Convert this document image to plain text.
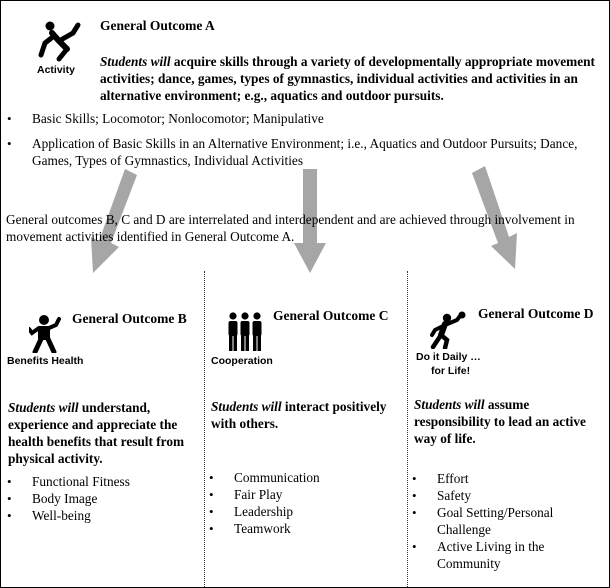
Activity
General Outcome A
Students will acquire skills through a variety of developmentally appropriate movement activities; dance, games, types of gymnastics, individual activities and activities in an alternative environment; e.g., aquatics and outdoor pursuits.
• Basic Skills; Locomotor; Nonlocomotor; Manipulative
• Application of Basic Skills in an Alternative Environment; i.e., Aquatics and Outdoor Pursuits; Dance, Games, Types of Gymnastics, Individual Activities
General outcomes B, C and D are interrelated and interdependent and are achieved through involvement in movement activities identified in General Outcome A.
Benefits Health
General Outcome B
Students will understand, experience and appreciate the health benefits that result from physical activity.
• Functional Fitness
• Body Image
• Well-being
Cooperation
General Outcome C
Students will interact positively with others.
• Communication
• Fair Play
• Leadership
• Teamwork
Do it Daily …
for Life!
General Outcome D
Students will assume responsibility to lead an active way of life.
• Effort
• Safety
• Goal Setting/Personal Challenge
• Active Living in the Community
